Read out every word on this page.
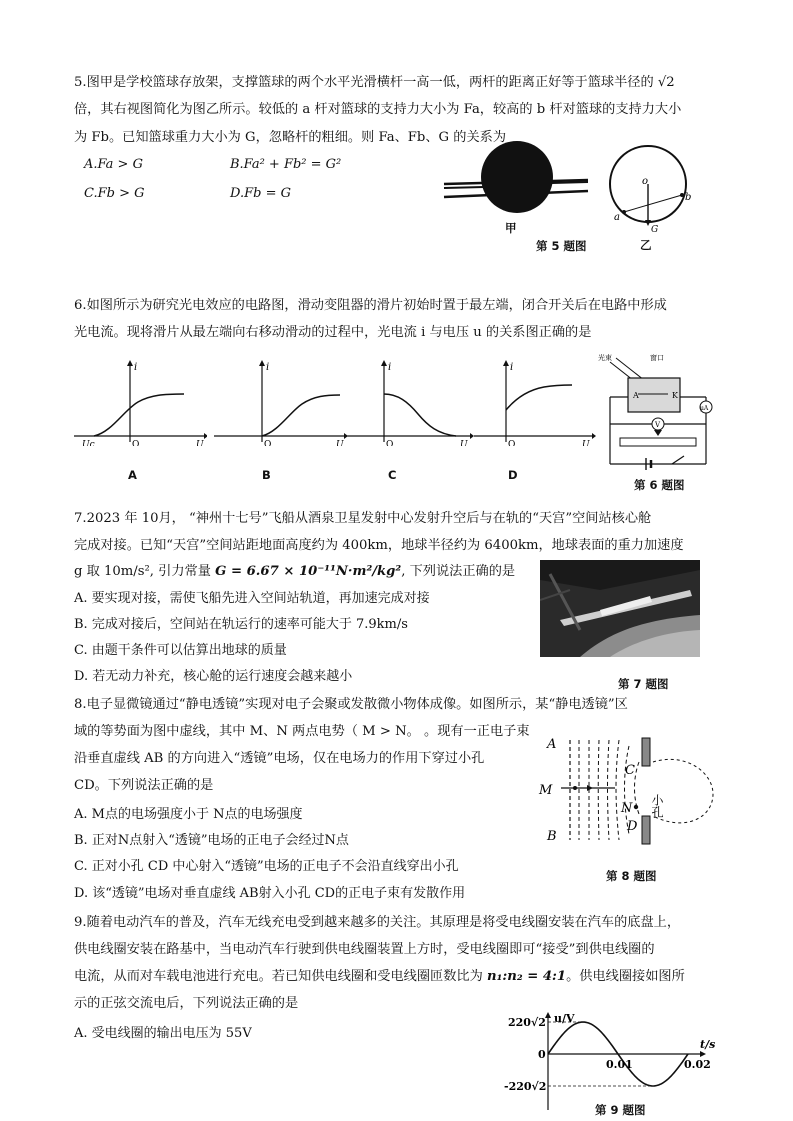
5.图甲是学校篮球存放架，支撑篮球的两个水平光滑横杆一高一低，两杆的距离正好等于篮球半径的 √2
倍，其右视图简化为图乙所示。较低的 a 杆对篮球的支持力大小为 Fa，较高的 b 杆对篮球的支持力大小
为 Fb。已知篮球重力大小为 G，忽略杆的粗细。则 Fa、Fb、G 的关系为
A.Fa > G	B.Fa² + Fb² = G²
C.Fb > G	D.Fb = G
甲
第 5 题图
o
a
b
G
乙
6.如图所示为研究光电效应的电路图，滑动变阻器的滑片初始时置于最左端，闭合开关后在电路中形成
光电流。现将滑片从最左端向右移动滑动的过程中，光电流 i 与电压 u 的关系图正确的是
i
Uc	O	U
A
i
O	U
B
i
O	U
C
i
O	U
D
光束	窗口
A	K
μA
V
第 6 题图
7.2023 年 10月， “神州十七号”飞船从酒泉卫星发射中心发射升空后与在轨的“天宫”空间站核心舱
完成对接。已知“天宫”空间站距地面高度约为 400km，地球半径约为 6400km，地球表面的重力加速度
g 取 10m/s², 引力常量 G = 6.67 × 10⁻¹¹N·m²/kg², 下列说法正确的是
A. 要实现对接，需使飞船先进入空间站轨道，再加速完成对接
B. 完成对接后，空间站在轨运行的速率可能大于 7.9km/s
C. 由题干条件可以估算出地球的质量
D. 若无动力补充，核心舱的运行速度会越来越小	第 7 题图
8.电子显微镜通过“静电透镜”实现对电子会聚或发散微小物体成像。如图所示，某“静电透镜”区
域的等势面为图中虚线，其中 M、N 两点电势（ M > N。 。现有一正电子束
沿垂直虚线 AB 的方向进入“透镜”电场，仅在电场力的作用下穿过小孔
CD。下列说法正确的是
A. M点的电场强度小于 N点的电场强度
B. 正对N点射入“透镜”电场的正电子会经过N点
C. 正对小孔 CD 中心射入“透镜”电场的正电子不会沿直线穿出小孔
D. 该“透镜”电场对垂直虚线 AB射入小孔 CD的正电子束有发散作用
A
B
M
N
C
D
小孔
第 8 题图
9.随着电动汽车的普及，汽车无线充电受到越来越多的关注。其原理是将受电线圈安装在汽车的底盘上，
供电线圈安装在路基中，当电动汽车行驶到供电线圈装置上方时，受电线圈即可“接受”到供电线圈的
电流，从而对车载电池进行充电。若已知供电线圈和受电线圈匝数比为 n₁:n₂ = 4:1。供电线圈接如图所
示的正弦交流电后，下列说法正确的是
A. 受电线圈的输出电压为 55V
u/V
t/s
220√2
-220√2
0
0.01	0.02
第 9 题图
